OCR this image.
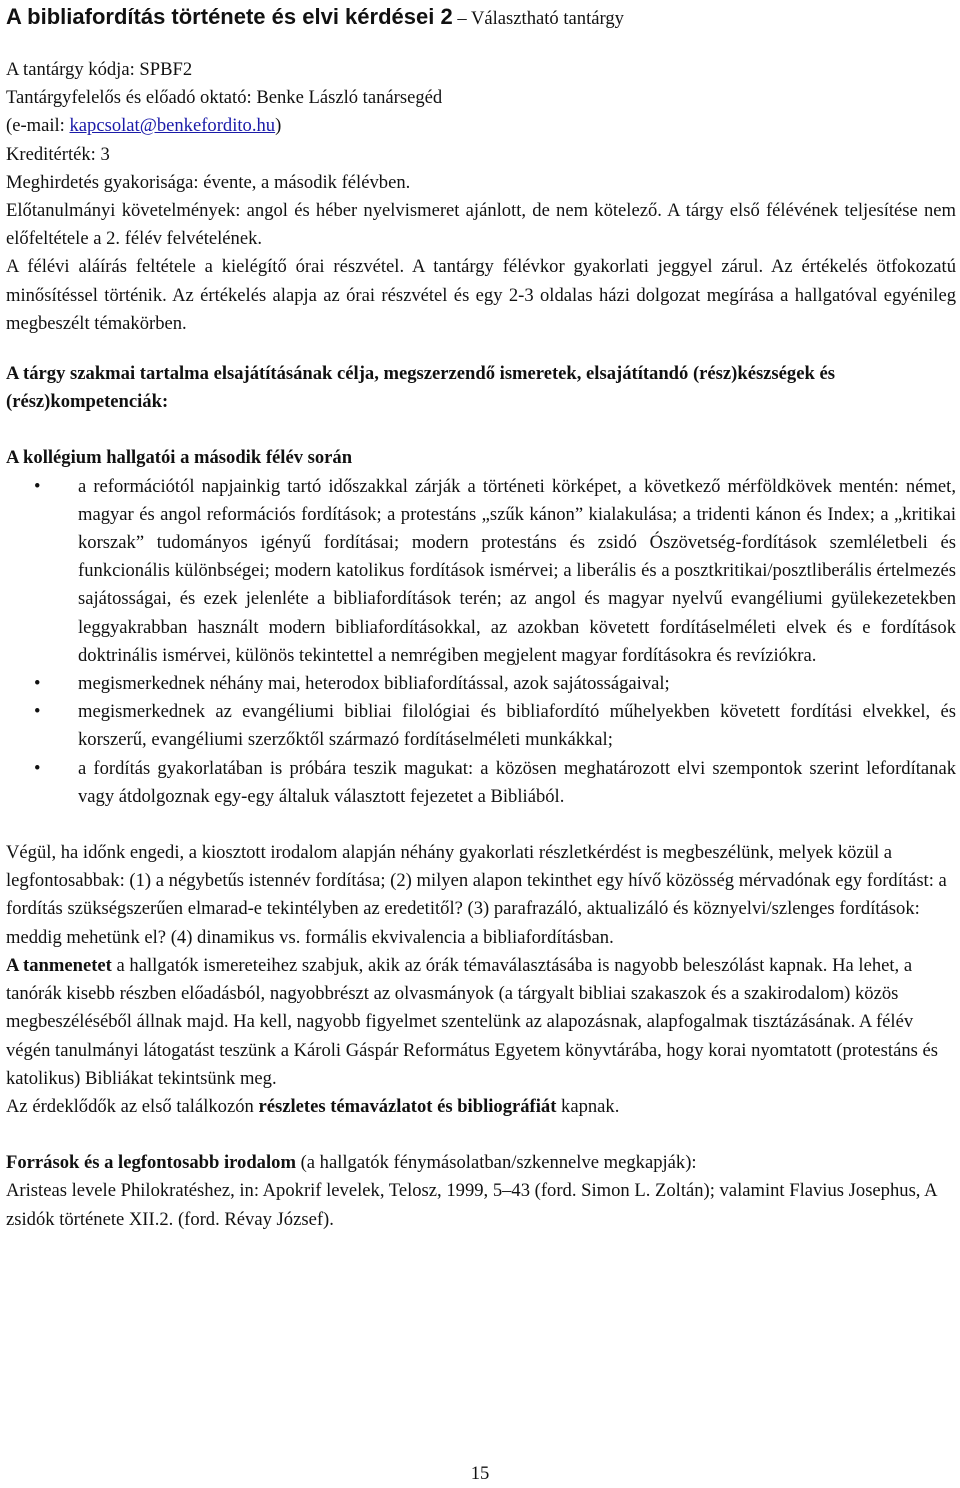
A bibliafordítás története és elvi kérdései 2 – Választható tantárgy

A tantárgy kódja: SPBF2

Tantárgyfelelős és előadó oktató: Benke László tanársegéd

(e-mail: kapcsolat@benkefordito.hu)

Kreditérték: 3

Meghirdetés gyakorisága: évente, a második félévben.

Előtanulmányi követelmények: angol és héber nyelvismeret ajánlott, de nem kötelező. A tárgy első félévének teljesítése nem előfeltétele a 2. félév felvételének.

A félévi aláírás feltétele a kielégítő órai részvétel. A tantárgy félévkor gyakorlati jeggyel zárul. Az értékelés ötfokozatú minősítéssel történik. Az értékelés alapja az órai részvétel és egy 2-3 oldalas házi dolgozat megírása a hallgatóval egyénileg megbeszélt témakörben.

A tárgy szakmai tartalma elsajátításának célja, megszerzendő ismeretek, elsajátítandó (rész)készségek és (rész)kompetenciák:

A kollégium hallgatói a második félév során

• a reformációtól napjainkig tartó időszakkal zárják a történeti körképet, a következő mérföldkövek mentén: német, magyar és angol reformációs fordítások; a protestáns „szűk kánon” kialakulása; a tridenti kánon és Index; a „kritikai korszak” tudományos igényű fordításai; modern protestáns és zsidó Ószövetség-fordítások szemléletbeli és funkcionális különbségei; modern katolikus fordítások ismérvei; a liberális és a posztkritikai/posztliberális értelmezés sajátosságai, és ezek jelenléte a bibliafordítások terén; az angol és magyar nyelvű evangéliumi gyülekezetekben leggyakrabban használt modern bibliafordításokkal, az azokban követett fordításelméleti elvek és e fordítások doktrinális ismérvei, különös tekintettel a nemrégiben megjelent magyar fordításokra és revíziókra.
• megismerkednek néhány mai, heterodox bibliafordítással, azok sajátosságaival;
• megismerkednek az evangéliumi bibliai filológiai és bibliafordító műhelyekben követett fordítási elvekkel, és korszerű, evangéliumi szerzőktől származó fordításelméleti munkákkal;
• a fordítás gyakorlatában is próbára teszik magukat: a közösen meghatározott elvi szempontok szerint lefordítanak vagy átdolgoznak egy-egy általuk választott fejezetet a Bibliából.

Végül, ha időnk engedi, a kiosztott irodalom alapján néhány gyakorlati részletkérdést is megbeszélünk, melyek közül a legfontosabbak: (1) a négybetűs istennév fordítása; (2) milyen alapon tekinthet egy hívő közösség mérvadónak egy fordítást: a fordítás szükségszerűen elmarad-e tekintélyben az eredetitől? (3) parafrazáló, aktualizáló és köznyelvi/szlenges fordítások: meddig mehetünk el? (4) dinamikus vs. formális ekvivalencia a bibliafordításban.

A tanmenetet a hallgatók ismereteihez szabjuk, akik az órák témaválasztásába is nagyobb beleszólást kapnak. Ha lehet, a tanórák kisebb részben előadásból, nagyobbrészt az olvasmányok (a tárgyalt bibliai szakaszok és a szakirodalom) közös megbeszéléséből állnak majd. Ha kell, nagyobb figyelmet szentelünk az alapozásnak, alapfogalmak tisztázásának. A félév végén tanulmányi látogatást teszünk a Károli Gáspár Református Egyetem könyvtárába, hogy korai nyomtatott (protestáns és katolikus) Bibliákat tekintsünk meg.

Az érdeklődők az első találkozón részletes témavázlatot és bibliográfiát kapnak.

Források és a legfontosabb irodalom (a hallgatók fénymásolatban/szkennelve megkapják):

Aristeas levele Philokratéshez, in: Apokrif levelek, Telosz, 1999, 5–43 (ford. Simon L. Zoltán); valamint Flavius Josephus, A zsidók története XII.2. (ford. Révay József).

15
